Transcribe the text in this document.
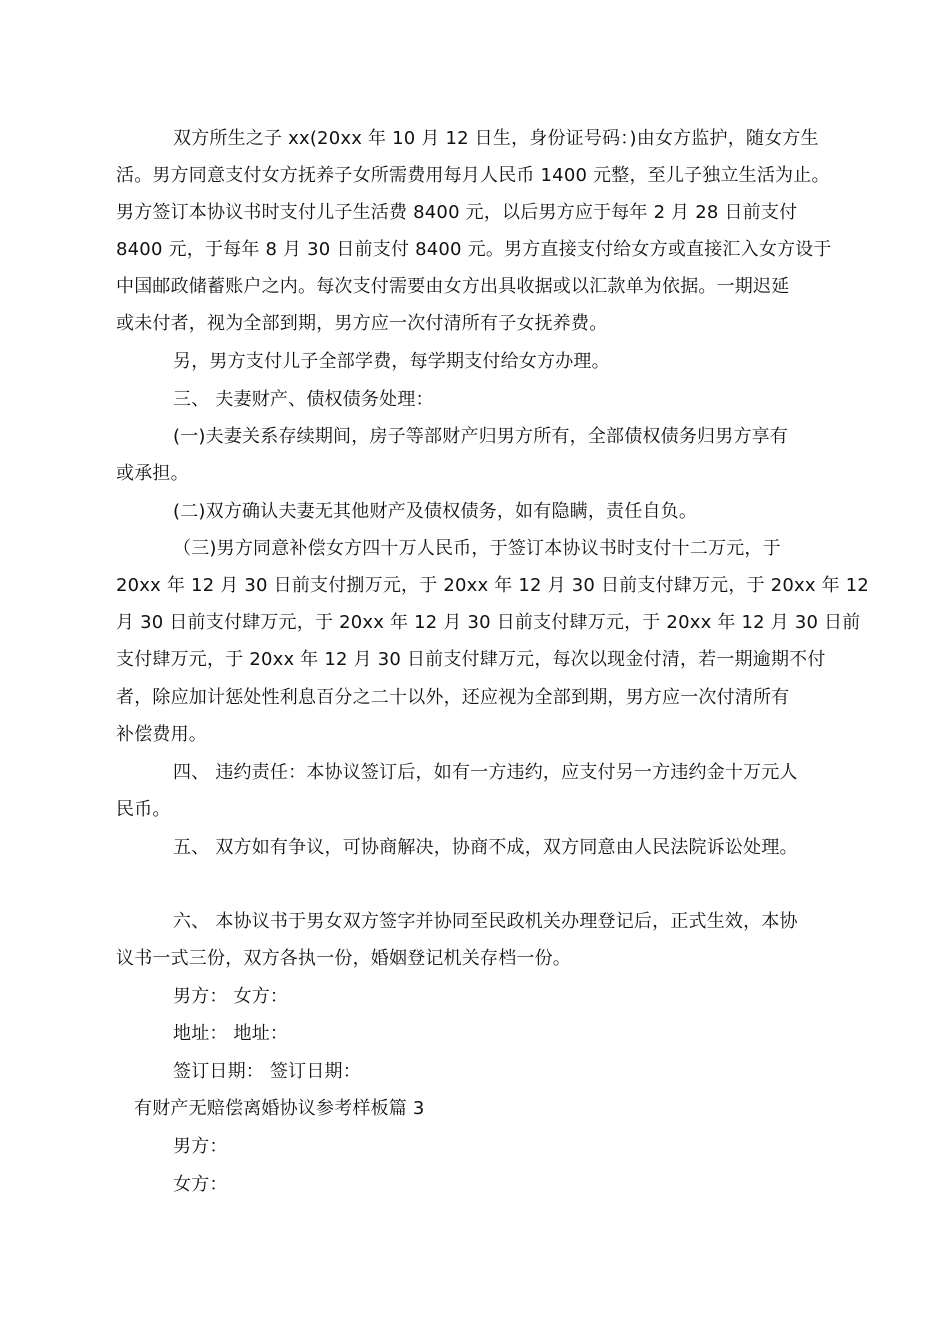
双方所生之子 xx(20xx 年 10 月 12 日生，身份证号码：)由女方监护，随女方生
活。男方同意支付女方抚养子女所需费用每月人民币 1400 元整，至儿子独立生活为止。
男方签订本协议书时支付儿子生活费 8400 元，以后男方应于每年 2 月 28 日前支付
8400 元，于每年 8 月 30 日前支付 8400 元。男方直接支付给女方或直接汇入女方设于
中国邮政储蓄账户之内。每次支付需要由女方出具收据或以汇款单为依据。一期迟延
或未付者，视为全部到期，男方应一次付清所有子女抚养费。
另，男方支付儿子全部学费，每学期支付给女方办理。
三、 夫妻财产、债权债务处理：
(一)夫妻关系存续期间，房子等部财产归男方所有，全部债权债务归男方享有
或承担。
(二)双方确认夫妻无其他财产及债权债务，如有隐瞒，责任自负。
（三)男方同意补偿女方四十万人民币，于签订本协议书时支付十二万元，于
20xx 年 12 月 30 日前支付捌万元，于 20xx 年 12 月 30 日前支付肆万元，于 20xx 年 12
月 30 日前支付肆万元，于 20xx 年 12 月 30 日前支付肆万元，于 20xx 年 12 月 30 日前
支付肆万元，于 20xx 年 12 月 30 日前支付肆万元，每次以现金付清，若一期逾期不付
者，除应加计惩处性利息百分之二十以外，还应视为全部到期，男方应一次付清所有
补偿费用。
四、 违约责任：本协议签订后，如有一方违约，应支付另一方违约金十万元人
民币。
五、 双方如有争议，可协商解决，协商不成，双方同意由人民法院诉讼处理。
六、 本协议书于男女双方签字并协同至民政机关办理登记后，正式生效，本协
议书一式三份，双方各执一份，婚姻登记机关存档一份。
男方： 女方：
地址： 地址：
签订日期： 签订日期：
有财产无赔偿离婚协议参考样板篇 3
男方：
女方：
